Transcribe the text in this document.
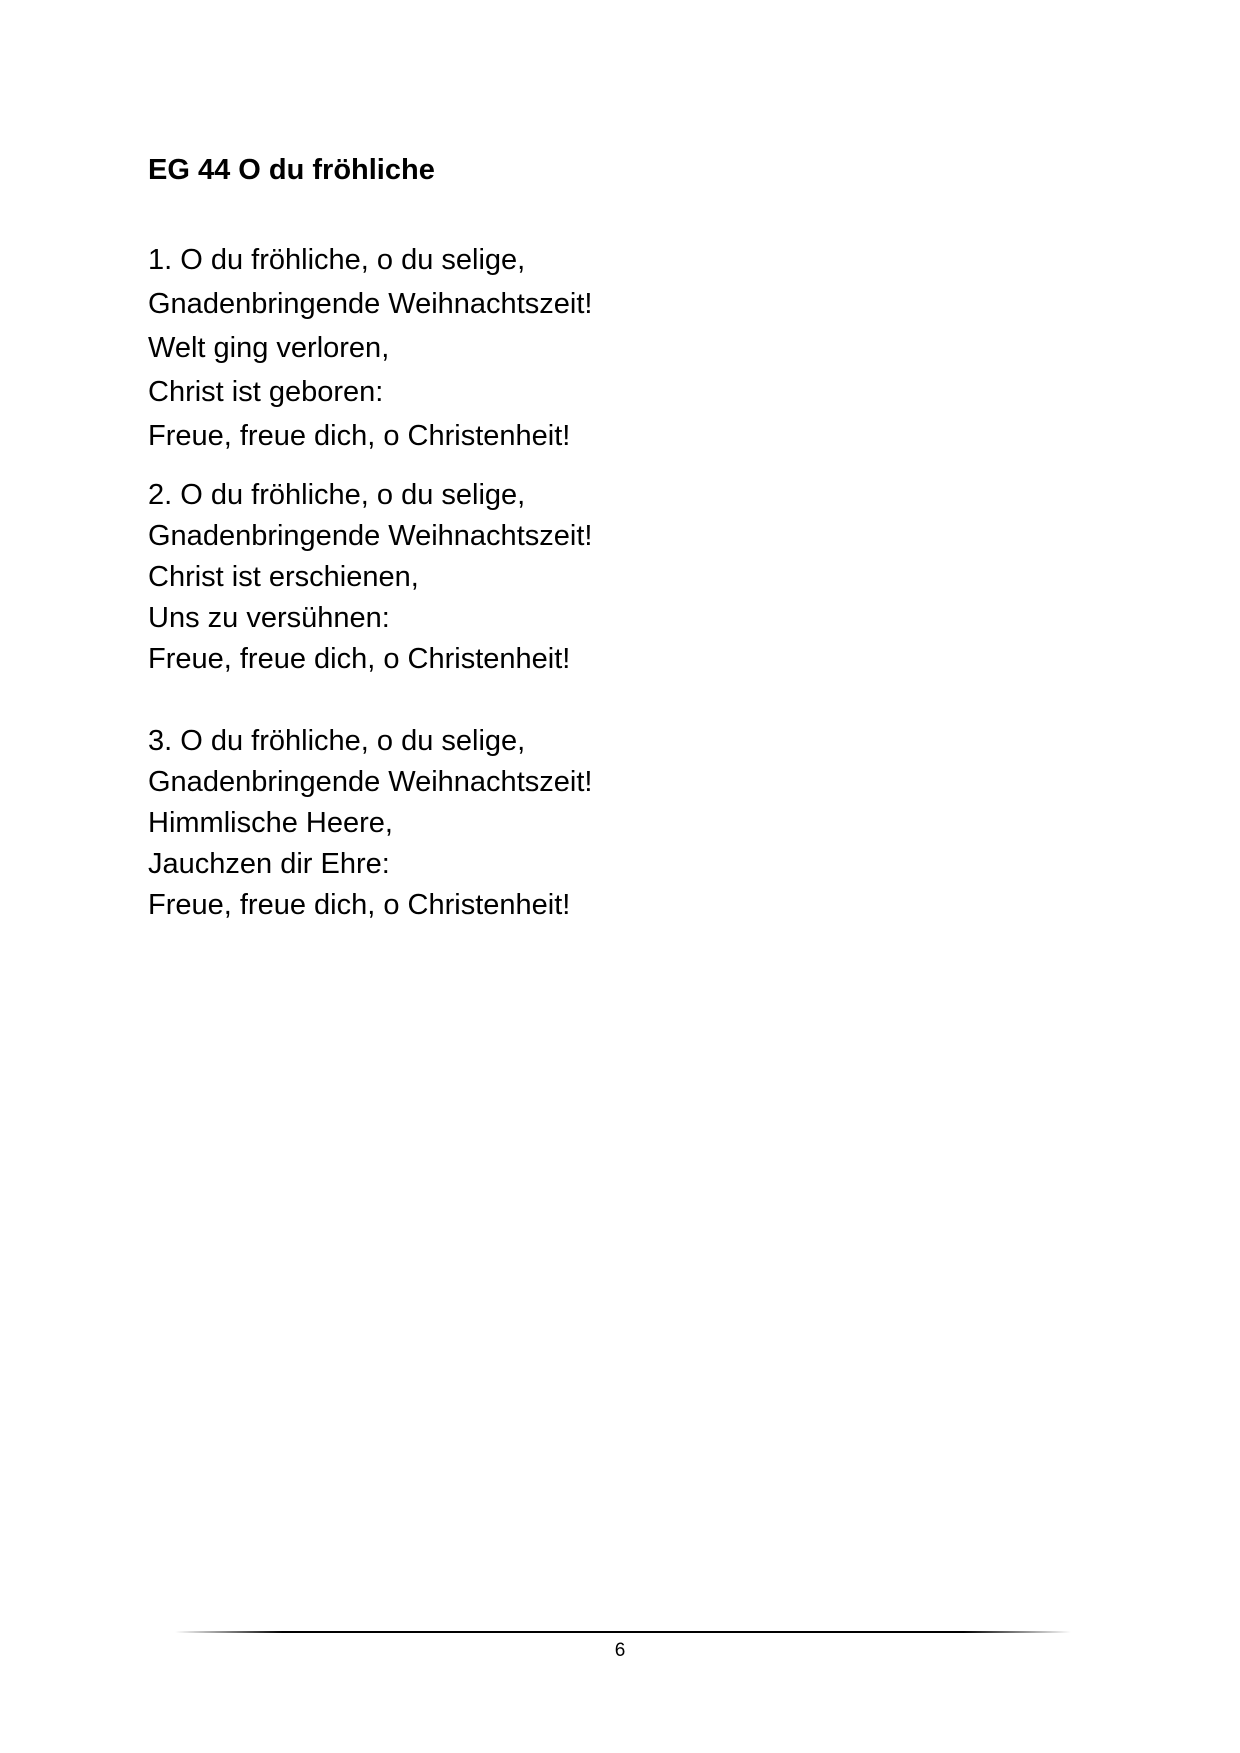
EG 44 O du fröhliche
1. O du fröhliche, o du selige,
Gnadenbringende Weihnachtszeit!
Welt ging verloren,
Christ ist geboren:
Freue, freue dich, o Christenheit!
2. O du fröhliche, o du selige,
Gnadenbringende Weihnachtszeit!
Christ ist erschienen,
Uns zu versühnen:
Freue, freue dich, o Christenheit!
3. O du fröhliche, o du selige,
Gnadenbringende Weihnachtszeit!
Himmlische Heere,
Jauchzen dir Ehre:
Freue, freue dich, o Christenheit!
6
